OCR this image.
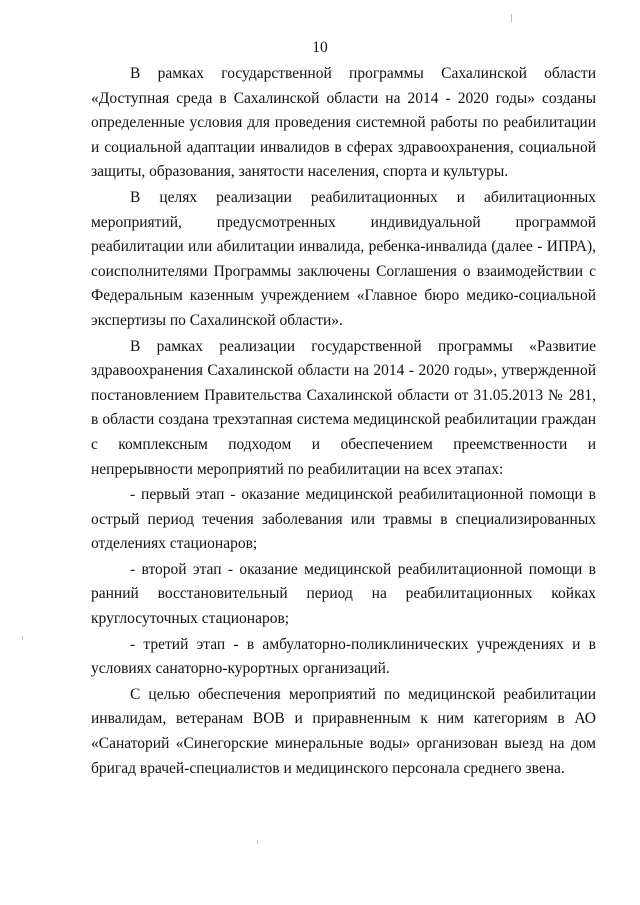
10

В рамках государственной программы Сахалинской области «Доступная среда в Сахалинской области на 2014 - 2020 годы» созданы определенные условия для проведения системной работы по реабилитации и социальной адаптации инвалидов в сферах здравоохранения, социальной защиты, образования, занятости населения, спорта и культуры.

В целях реализации реабилитационных и абилитационных мероприятий, предусмотренных индивидуальной программой реабилитации или абилитации инвалида, ребенка-инвалида (далее - ИПРА), соисполнителями Программы заключены Соглашения о взаимодействии с Федеральным казенным учреждением «Главное бюро медико-социальной экспертизы по Сахалинской области».

В рамках реализации государственной программы «Развитие здравоохранения Сахалинской области на 2014 - 2020 годы», утвержденной постановлением Правительства Сахалинской области от 31.05.2013 № 281, в области создана трехэтапная система медицинской реабилитации граждан с комплексным подходом и обеспечением преемственности и непрерывности мероприятий по реабилитации на всех этапах:

- первый этап - оказание медицинской реабилитационной помощи в острый период течения заболевания или травмы в специализированных отделениях стационаров;

- второй этап - оказание медицинской реабилитационной помощи в ранний восстановительный период на реабилитационных койках круглосуточных стационаров;

- третий этап - в амбулаторно-поликлинических учреждениях и в условиях санаторно-курортных организаций.

С целью обеспечения мероприятий по медицинской реабилитации инвалидам, ветеранам ВОВ и приравненным к ним категориям в АО «Санаторий «Синегорские минеральные воды» организован выезд на дом бригад врачей-специалистов и медицинского персонала среднего звена.
